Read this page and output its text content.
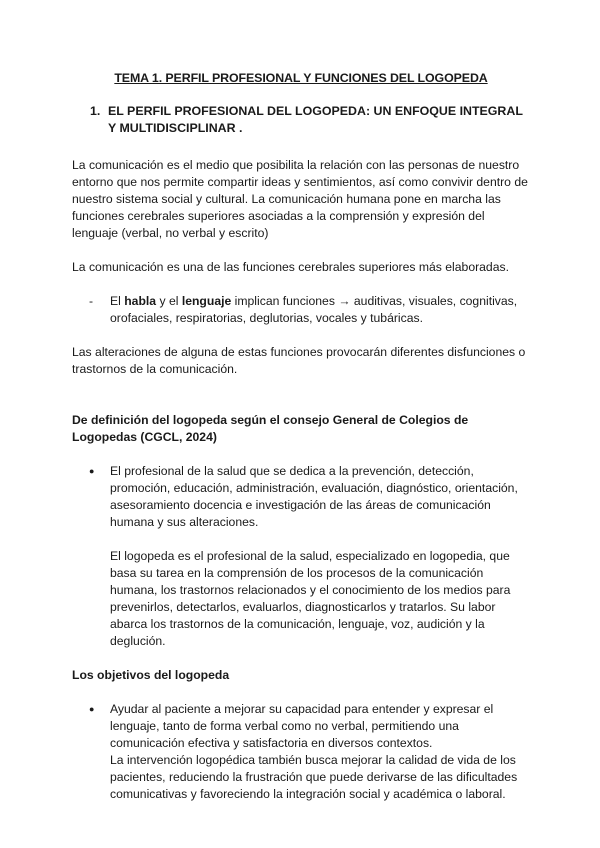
TEMA 1. PERFIL PROFESIONAL Y FUNCIONES DEL LOGOPEDA
1. EL PERFIL PROFESIONAL DEL LOGOPEDA: UN ENFOQUE INTEGRAL Y MULTIDISCIPLINAR .

La comunicación es el medio que posibilita la relación con las personas de nuestro entorno que nos permite compartir ideas y sentimientos, así como convivir dentro de nuestro sistema social y cultural. La comunicación humana pone en marcha las funciones cerebrales superiores asociadas a la comprensión y expresión del lenguaje (verbal, no verbal y escrito)

La comunicación es una de las funciones cerebrales superiores más elaboradas.

-	El habla y el lenguaje implican funciones → auditivas, visuales, cognitivas, orofaciales, respiratorias, deglutorias, vocales y tubáricas.

Las alteraciones de alguna de estas funciones provocarán diferentes disfunciones o trastornos de la comunicación.

De definición del logopeda según el consejo General de Colegios de Logopedas (CGCL, 2024)
●	El profesional de la salud que se dedica a la prevención, detección, promoción, educación, administración, evaluación, diagnóstico, orientación, asesoramiento docencia e investigación de las áreas de comunicación humana y sus alteraciones.

El logopeda es el profesional de la salud, especializado en logopedia, que basa su tarea en la comprensión de los procesos de la comunicación humana, los trastornos relacionados y el conocimiento de los medios para prevenirlos, detectarlos, evaluarlos, diagnosticarlos y tratarlos. Su labor abarca los trastornos de la comunicación, lenguaje, voz, audición y la deglución.

Los objetivos del logopeda
●	Ayudar al paciente a mejorar su capacidad para entender y expresar el lenguaje, tanto de forma verbal como no verbal, permitiendo una comunicación efectiva y satisfactoria en diversos contextos.
La intervención logopédica también busca mejorar la calidad de vida de los pacientes, reduciendo la frustración que puede derivarse de las dificultades comunicativas y favoreciendo la integración social y académica o laboral.
